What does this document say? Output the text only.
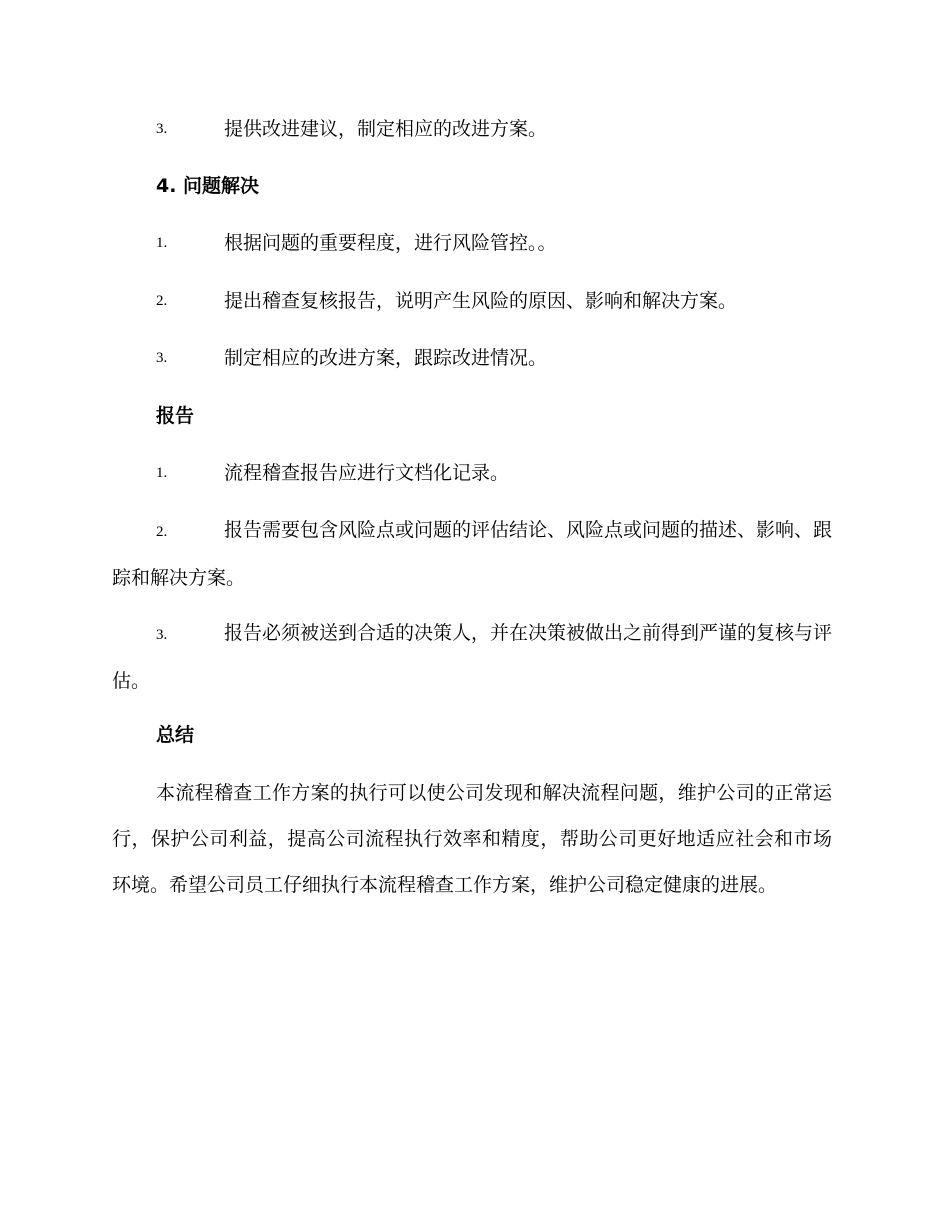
3.	提供改进建议，制定相应的改进方案。
4. 问题解决
1.	根据问题的重要程度，进行风险管控。。
2.	提出稽查复核报告，说明产生风险的原因、影响和解决方案。
3.	制定相应的改进方案，跟踪改进情况。
报告
1.	流程稽查报告应进行文档化记录。
2.	报告需要包含风险点或问题的评估结论、风险点或问题的描述、影响、跟踪和解决方案。
3.	报告必须被送到合适的决策人，并在决策被做出之前得到严谨的复核与评估。
总结
本流程稽查工作方案的执行可以使公司发现和解决流程问题，维护公司的正常运行，保护公司利益，提高公司流程执行效率和精度，帮助公司更好地适应社会和市场环境。希望公司员工仔细执行本流程稽查工作方案，维护公司稳定健康的进展。
